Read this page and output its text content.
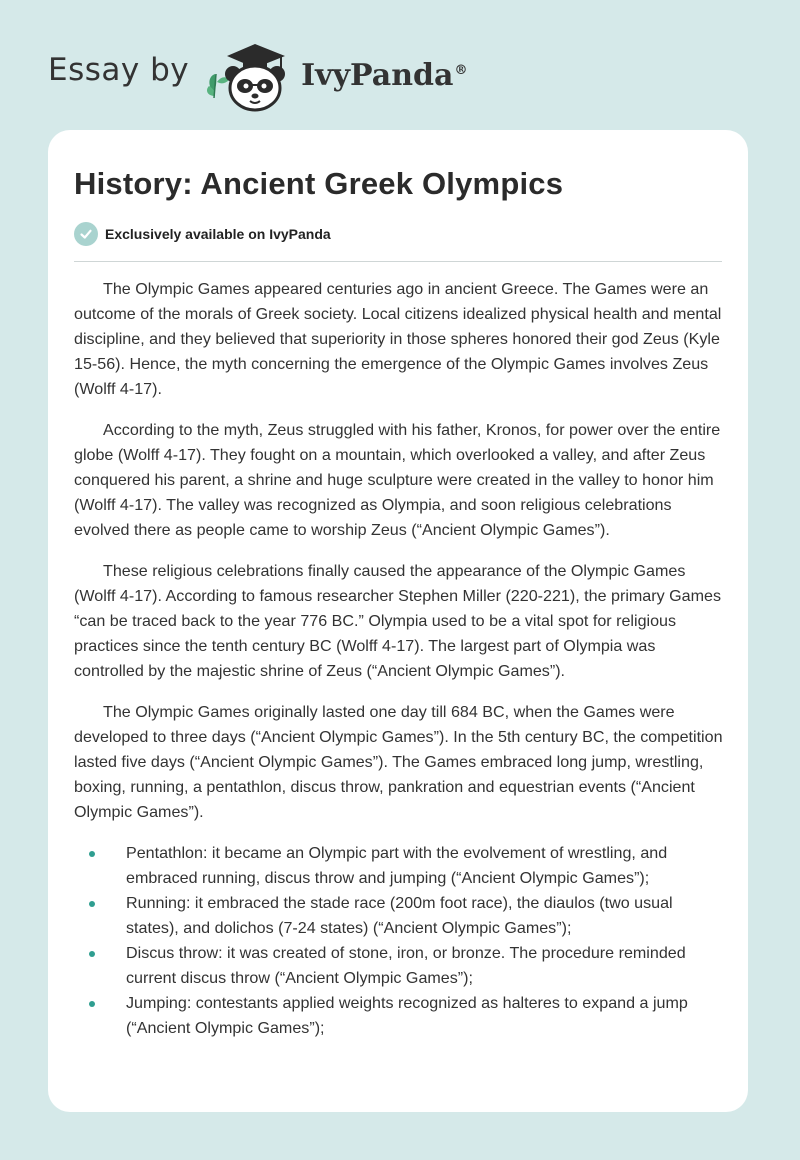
Essay by	IvyPanda®
History: Ancient Greek Olympics
Exclusively available on IvyPanda

The Olympic Games appeared centuries ago in ancient Greece. The Games were an outcome of the morals of Greek society. Local citizens idealized physical health and mental discipline, and they believed that superiority in those spheres honored their god Zeus (Kyle 15-56). Hence, the myth concerning the emergence of the Olympic Games involves Zeus (Wolff 4-17).

According to the myth, Zeus struggled with his father, Kronos, for power over the entire globe (Wolff 4-17). They fought on a mountain, which overlooked a valley, and after Zeus conquered his parent, a shrine and huge sculpture were created in the valley to honor him (Wolff 4-17). The valley was recognized as Olympia, and soon religious celebrations evolved there as people came to worship Zeus (“Ancient Olympic Games”).

These religious celebrations finally caused the appearance of the Olympic Games (Wolff 4-17). According to famous researcher Stephen Miller (220-221), the primary Games “can be traced back to the year 776 BC.” Olympia used to be a vital spot for religious practices since the tenth century BC (Wolff 4-17). The largest part of Olympia was controlled by the majestic shrine of Zeus (“Ancient Olympic Games”).

The Olympic Games originally lasted one day till 684 BC, when the Games were developed to three days (“Ancient Olympic Games”). In the 5th century BC, the competition lasted five days (“Ancient Olympic Games”). The Games embraced long jump, wrestling, boxing, running, a pentathlon, discus throw, pankration and equestrian events (“Ancient Olympic Games”).

Pentathlon: it became an Olympic part with the evolvement of wrestling, and embraced running, discus throw and jumping (“Ancient Olympic Games”);
Running: it embraced the stade race (200m foot race), the diaulos (two usual states), and dolichos (7-24 states) (“Ancient Olympic Games”);
Discus throw: it was created of stone, iron, or bronze. The procedure reminded current discus throw (“Ancient Olympic Games”);
Jumping: contestants applied weights recognized as halteres to expand a jump (“Ancient Olympic Games”);
